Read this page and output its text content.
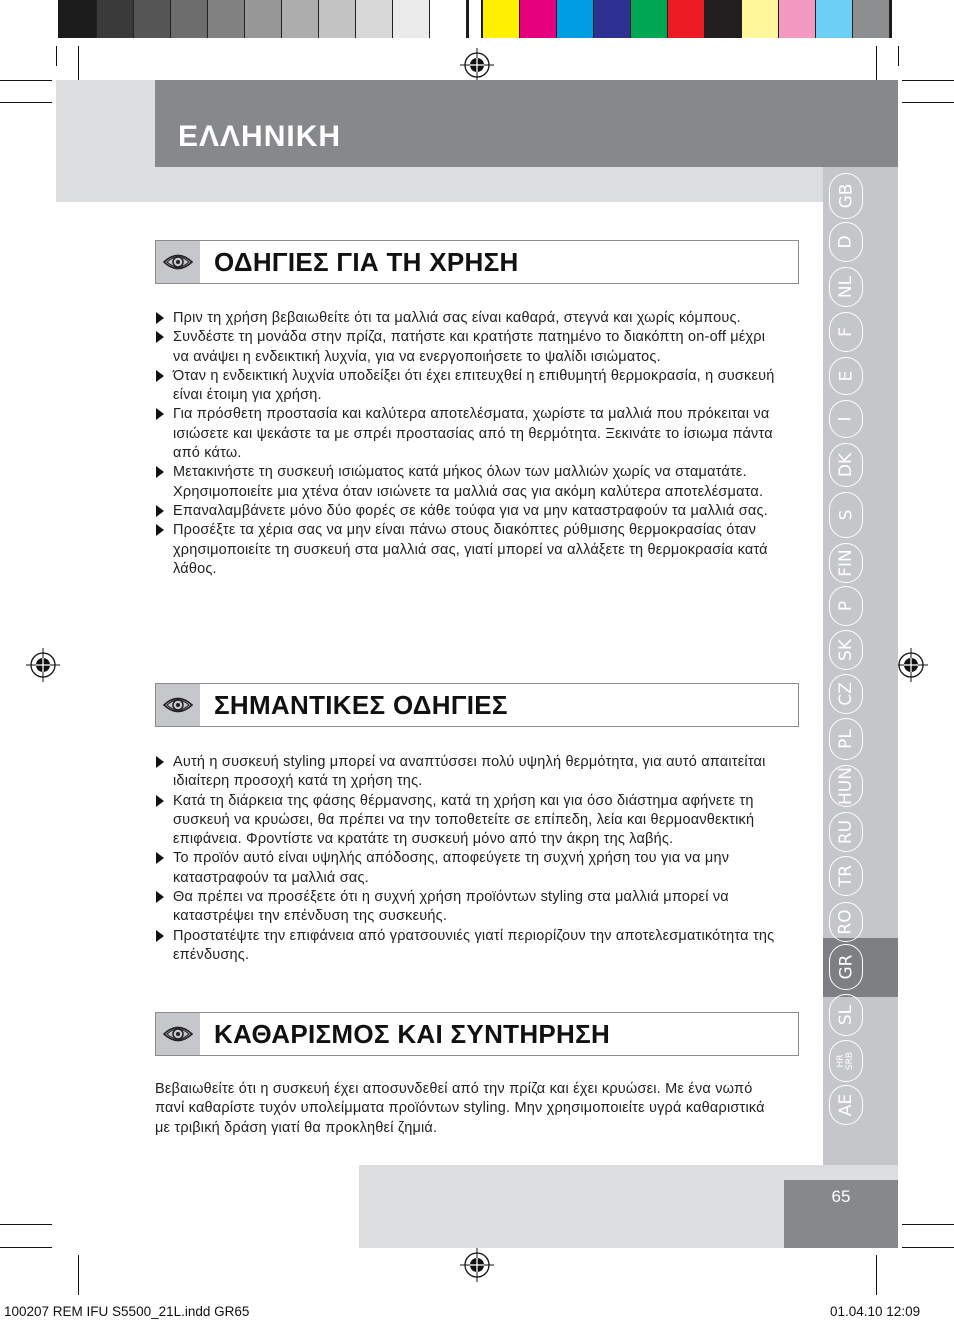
ΕΛΛΗΝΙΚΗ
GB
D
NL
F
E
I
DK
S
FIN
P
SK
CZ
PL
HUN
RU
TR
RO
GR
SL
HR
SRB
AE
ΟΔΗΓΙΕΣ ΓΙΑ ΤΗ ΧΡΗΣΗ
Πριν τη χρήση βεβαιωθείτε ότι τα μαλλιά σας είναι καθαρά, στεγνά και χωρίς κόμπους.
Συνδέστε τη μονάδα στην πρίζα, πατήστε και κρατήστε πατημένο το διακόπτη on-off μέχρι να ανάψει η ενδεικτική λυχνία, για να ενεργοποιήσετε το ψαλίδι ισιώματος.
Όταν η ενδεικτική λυχνία υποδείξει ότι έχει επιτευχθεί η επιθυμητή θερμοκρασία, η συσκευή είναι έτοιμη για χρήση.
Για πρόσθετη προστασία και καλύτερα αποτελέσματα, χωρίστε τα μαλλιά που πρόκειται να ισιώσετε και ψεκάστε τα με σπρέι προστασίας από τη θερμότητα. Ξεκινάτε το ίσιωμα πάντα από κάτω.
Μετακινήστε τη συσκευή ισιώματος κατά μήκος όλων των μαλλιών χωρίς να σταματάτε. Χρησιμοποιείτε μια χτένα όταν ισιώνετε τα μαλλιά σας για ακόμη καλύτερα αποτελέσματα.
Επαναλαμβάνετε μόνο δύο φορές σε κάθε τούφα για να μην καταστραφούν τα μαλλιά σας.
Προσέξτε τα χέρια σας να μην είναι πάνω στους διακόπτες ρύθμισης θερμοκρασίας όταν χρησιμοποιείτε τη συσκευή στα μαλλιά σας, γιατί μπορεί να αλλάξετε τη θερμοκρασία κατά λάθος.
ΣΗΜΑΝΤΙΚΕΣ ΟΔΗΓΙΕΣ
Αυτή η συσκευή styling μπορεί να αναπτύσσει πολύ υψηλή θερμότητα, για αυτό απαιτείται ιδιαίτερη προσοχή κατά τη χρήση της.
Κατά τη διάρκεια της φάσης θέρμανσης, κατά τη χρήση και για όσο διάστημα αφήνετε τη συσκευή να κρυώσει, θα πρέπει να την τοποθετείτε σε επίπεδη, λεία και θερμοανθεκτική επιφάνεια. Φροντίστε να κρατάτε τη συσκευή μόνο από την άκρη της λαβής.
Το προϊόν αυτό είναι υψηλής απόδοσης, αποφεύγετε τη συχνή χρήση του για να μην καταστραφούν τα μαλλιά σας.
Θα πρέπει να προσέξετε ότι η συχνή χρήση προϊόντων styling στα μαλλιά μπορεί να καταστρέψει την επένδυση της συσκευής.
Προστατέψτε την επιφάνεια από γρατσουνιές γιατί περιορίζουν την αποτελεσματικότητα της επένδυσης.
ΚΑΘΑΡΙΣΜΟΣ ΚΑΙ ΣΥΝΤΗΡΗΣΗ

Βεβαιωθείτε ότι η συσκευή έχει αποσυνδεθεί από την πρίζα και έχει κρυώσει. Με ένα νωπό πανί καθαρίστε τυχόν υπολείμματα προϊόντων styling. Μην χρησιμοποιείτε υγρά καθαριστικά με τριβική δράση γιατί θα προκληθεί ζημιά.

65
100207 REM IFU S5500_21L.indd GR65	01.04.10 12:09
